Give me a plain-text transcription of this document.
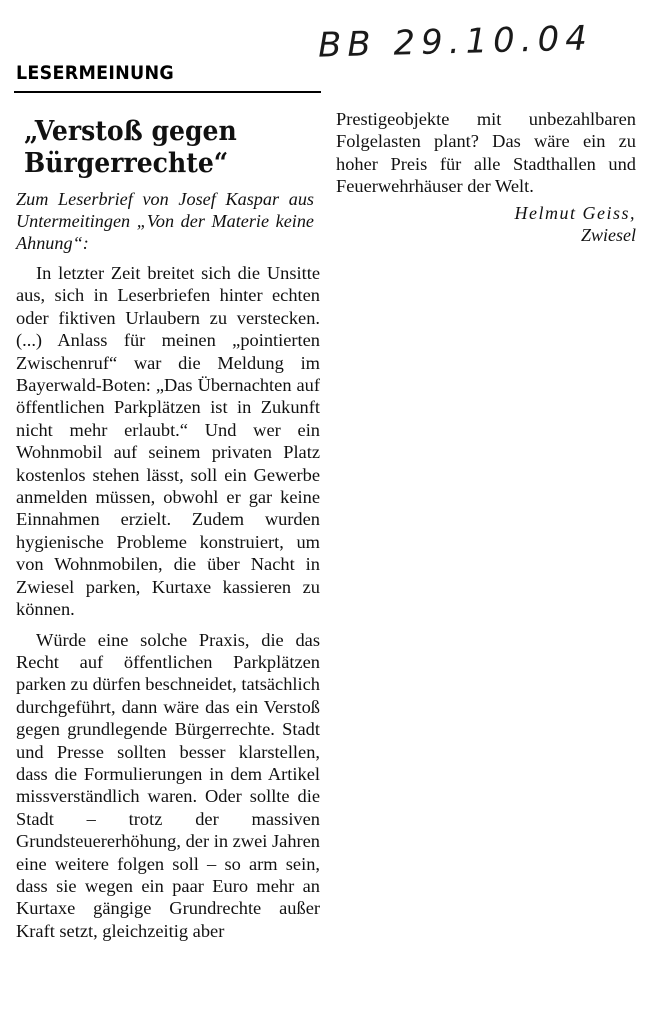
BB 29.10.04
LESERMEINUNG
„Verstoß gegen
Bürgerrechte“

Zum Leserbrief von Josef Kaspar aus Untermeitingen „Von der Materie keine Ahnung“:

In letzter Zeit breitet sich die Unsitte aus, sich in Leserbriefen hinter echten oder fiktiven Urlaubern zu verstecken. (...) Anlass für meinen „pointierten Zwischenruf“ war die Meldung im Bayerwald-Boten: „Das Übernachten auf öffentlichen Parkplätzen ist in Zukunft nicht mehr erlaubt.“ Und wer ein Wohnmobil auf seinem privaten Platz kostenlos stehen lässt, soll ein Gewerbe anmelden müssen, obwohl er gar keine Einnahmen erzielt. Zudem wurden hygienische Probleme konstruiert, um von Wohnmobilen, die über Nacht in Zwiesel parken, Kurtaxe kassieren zu können.

Würde eine solche Praxis, die das Recht auf öffentlichen Parkplätzen parken zu dürfen beschneidet, tatsächlich durchgeführt, dann wäre das ein Verstoß gegen grundlegende Bürgerrechte. Stadt und Presse sollten besser klarstellen, dass die Formulierungen in dem Artikel missverständlich waren. Oder sollte die Stadt – trotz der massiven Grundsteuererhöhung, der in zwei Jahren eine weitere folgen soll – so arm sein, dass sie wegen ein paar Euro mehr an Kurtaxe gängige Grundrechte außer Kraft setzt, gleichzeitig aber

Prestigeobjekte mit unbezahlbaren Folgelasten plant? Das wäre ein zu hoher Preis für alle Stadthallen und Feuerwehrhäuser der Welt.

Helmut Geiss,
Zwiesel
